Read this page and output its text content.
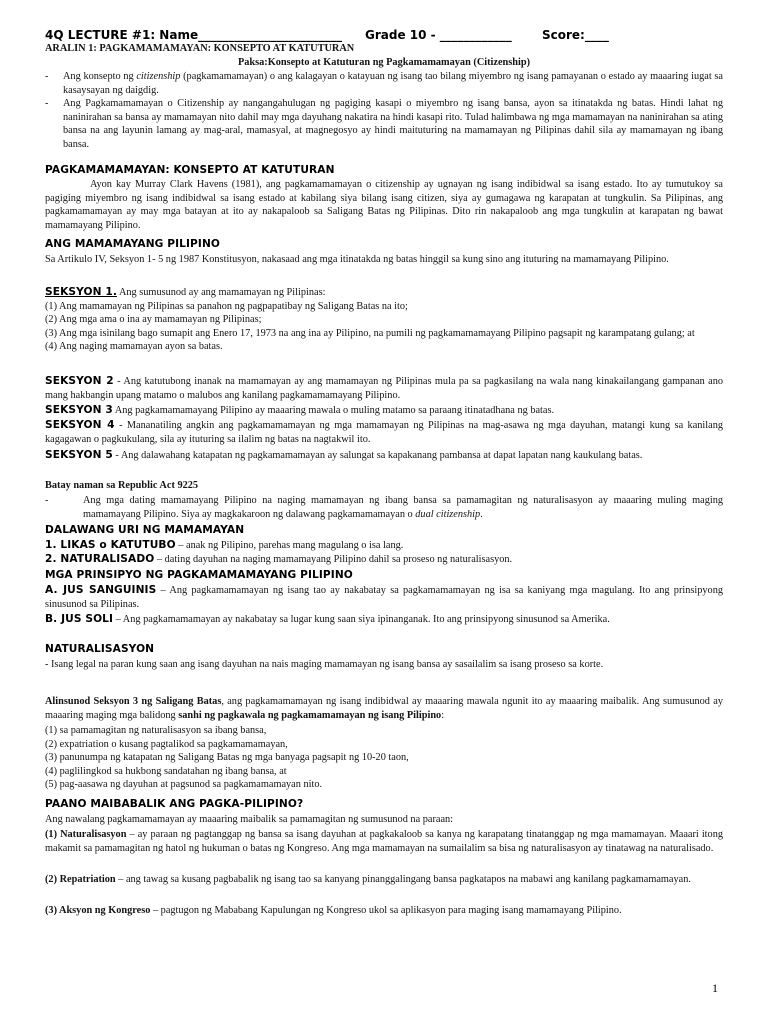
4Q LECTURE #1: Name________________________ Grade 10 - ____________	Score:____
ARALIN 1: PAGKAMAMAMAYAN: KONSEPTO AT KATUTURAN
Paksa:Konsepto at Katuturan ng Pagkamamamayan (Citizenship)
- Ang konsepto ng citizenship (pagkamamamayan) o ang kalagayan o katayuan ng isang tao bilang miyembro ng isang pamayanan o estado ay maaaring iugat sa kasaysayan ng daigdig.
- Ang Pagkamamamayan o Citizenship ay nangangahulugan ng pagiging kasapi o miyembro ng isang bansa, ayon sa itinatakda ng batas. Hindi lahat ng naninirahan sa bansa ay mamamayan nito dahil may mga dayuhang nakatira na hindi kasapi rito. Tulad halimbawa ng mga mamamayan na naninirahan sa ating bansa na ang layunin lamang ay mag-aral, mamasyal, at magnegosyo ay hindi maituturing na mamamayan ng Pilipinas dahil sila ay mamamayan ng ibang bansa.
PAGKAMAMAMAYAN: KONSEPTO AT KATUTURAN
Ayon kay Murray Clark Havens (1981), ang pagkamamamayan o citizenship ay ugnayan ng isang indibidwal sa isang estado. Ito ay tumutukoy sa pagiging miyembro ng isang indibidwal sa isang estado at kabilang siya bilang isang citizen, siya ay gumagawa ng karapatan at tungkulin. Sa Pilipinas, ang pagkamamamayan ay may mga batayan at ito ay nakapaloob sa Saligang Batas ng Pilipinas. Dito rin nakapaloob ang mga tungkulin at karapatan ng bawat mamamayang Pilipino.
ANG MAMAMAYANG PILIPINO
Sa Artikulo IV, Seksyon 1- 5 ng 1987 Konstitusyon, nakasaad ang mga itinatakda ng batas hinggil sa kung sino ang ituturing na mamamayang Pilipino.
SEKSYON 1. Ang sumusunod ay ang mamamayan ng Pilipinas:
(1) Ang mamamayan ng Pilipinas sa panahon ng pagpapatibay ng Saligang Batas na ito;
(2) Ang mga ama o ina ay mamamayan ng Pilipinas;
(3) Ang mga isinilang bago sumapit ang Enero 17, 1973 na ang ina ay Pilipino, na pumili ng pagkamamamayang Pilipino pagsapit ng karampatang gulang; at
(4) Ang naging mamamayan ayon sa batas.
SEKSYON 2 - Ang katutubong inanak na mamamayan ay ang mamamayan ng Pilipinas mula pa sa pagkasilang na wala nang kinakailangang gampanan ano mang hakbangin upang matamo o malubos ang kanilang pagkamamamayang Pilipino.
SEKSYON 3 Ang pagkamamamayang Pilipino ay maaaring mawala o muling matamo sa paraang itinatadhana ng batas.
SEKSYON 4 - Mananatiling angkin ang pagkamamamayan ng mga mamamayan ng Pilipinas na mag-asawa ng mga dayuhan, matangi kung sa kanilang kagagawan o pagkukulang, sila ay ituturing sa ilalim ng batas na nagtakwil ito.
SEKSYON 5 - Ang dalawahang katapatan ng pagkamamamayan ay salungat sa kapakanang pambansa at dapat lapatan nang kaukulang batas.
Batay naman sa Republic Act 9225
- Ang mga dating mamamayang Pilipino na naging mamamayan ng ibang bansa sa pamamagitan ng naturalisasyon ay maaaring muling maging mamamayang Pilipino. Siya ay magkakaroon ng dalawang pagkamamamayan o dual citizenship.
DALAWANG URI NG MAMAMAYAN
1. LIKAS o KATUTUBO – anak ng Pilipino, parehas mang magulang o isa lang.
2. NATURALISADO – dating dayuhan na naging mamamayang Pilipino dahil sa proseso ng naturalisasyon.
MGA PRINSIPYO NG PAGKAMAMAMAYANG PILIPINO
A. JUS SANGUINIS – Ang pagkamamamayan ng isang tao ay nakabatay sa pagkamamamayan ng isa sa kaniyang mga magulang. Ito ang prinsipyong sinusunod sa Pilipinas.
B. JUS SOLI – Ang pagkamamamayan ay nakabatay sa lugar kung saan siya ipinanganak. Ito ang prinsipyong sinusunod sa Amerika.
NATURALISASYON
- Isang legal na paran kung saan ang isang dayuhan na nais maging mamamayan ng isang bansa ay sasailalim sa isang proseso sa korte.
Alinsunod Seksyon 3 ng Saligang Batas, ang pagkamamamayan ng isang indibidwal ay maaaring mawala ngunit ito ay maaaring maibalik. Ang sumusunod ay maaaring maging mga balidong sanhi ng pagkawala ng pagkamamamayan ng isang Pilipino:
(1) sa pamamagitan ng naturalisasyon sa ibang bansa,
(2) expatriation o kusang pagtalikod sa pagkamamamayan,
(3) panunumpa ng katapatan ng Saligang Batas ng mga banyaga pagsapit ng 10-20 taon,
(4) paglilingkod sa hukbong sandatahan ng ibang bansa, at
(5) pag-aasawa ng dayuhan at pagsunod sa pagkamamamayan nito.
PAANO MAIBABALIK ANG PAGKA-PILIPINO?
Ang nawalang pagkamamamayan ay maaaring maibalik sa pamamagitan ng sumusunod na paraan:
(1) Naturalisasyon – ay paraan ng pagtanggap ng bansa sa isang dayuhan at pagkakaloob sa kanya ng karapatang tinatanggap ng mga mamamayan. Maaari itong makamit sa pamamagitan ng hatol ng hukuman o batas ng Kongreso. Ang mga mamamayan na sumailalim sa bisa ng naturalisasyon ay tinatawag na naturalisado.
(2) Repatriation – ang tawag sa kusang pagbabalik ng isang tao sa kanyang pinanggalingang bansa pagkatapos na mabawi ang kanilang pagkamamamayan.
(3) Aksyon ng Kongreso – pagtugon ng Mababang Kapulungan ng Kongreso ukol sa aplikasyon para maging isang mamamayang Pilipino.
1
